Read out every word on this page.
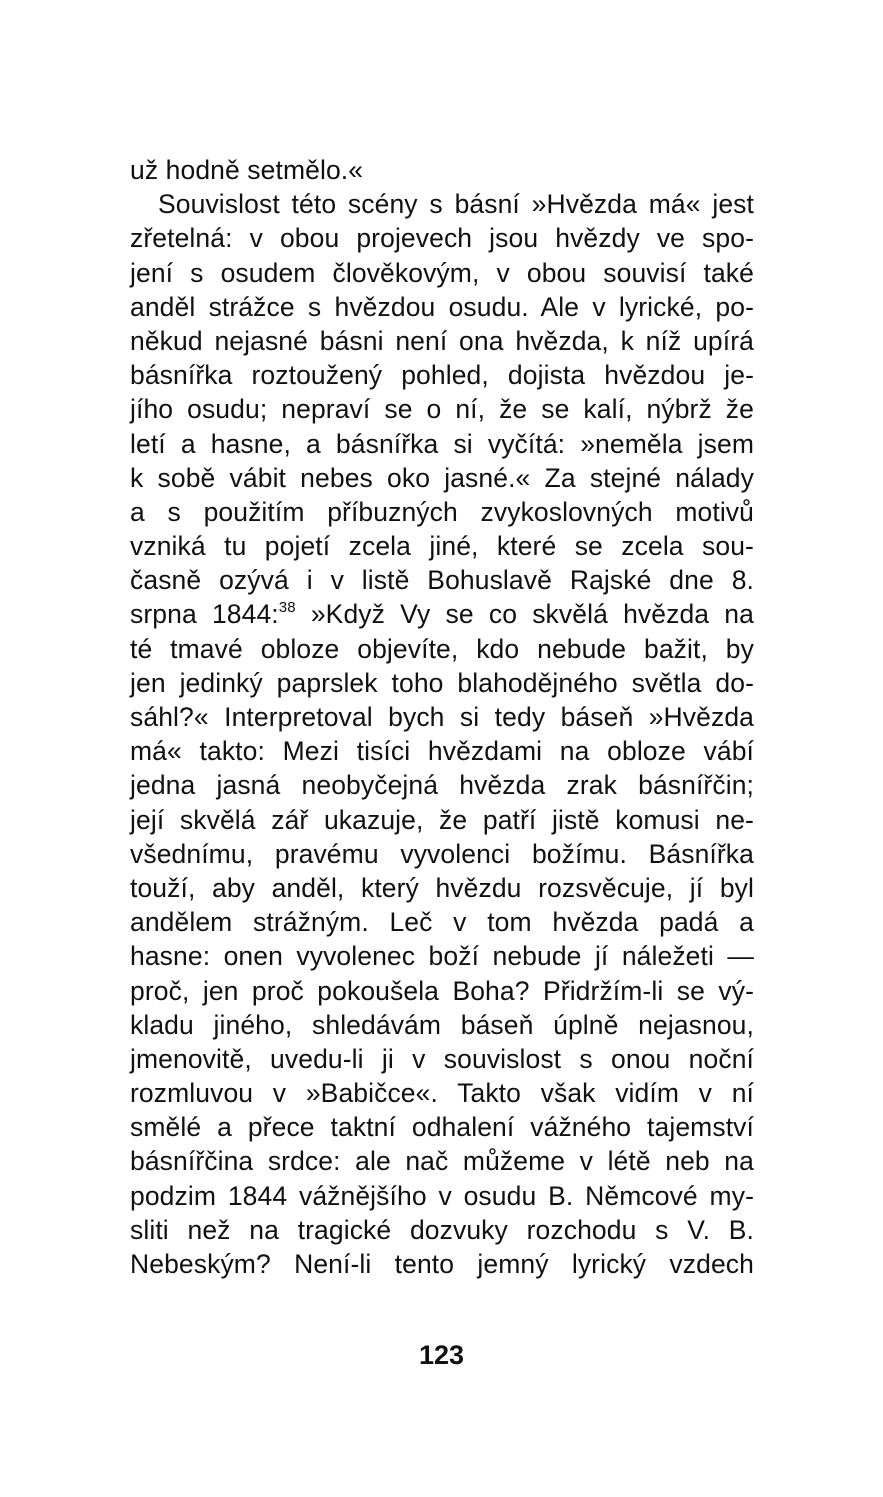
už hodně setmělo.«
Souvislost této scény s básní »Hvězda má« jest
zřetelná: v obou projevech jsou hvězdy ve spo-
jení s osudem člověkovým, v obou souvisí také
anděl strážce s hvězdou osudu. Ale v lyrické, po-
někud nejasné básni není ona hvězda, k níž upírá
básnířka roztoužený pohled, dojista hvězdou je-
jího osudu; nepraví se o ní, že se kalí, nýbrž že
letí a hasne, a básnířka si vyčítá: »neměla jsem
k sobě vábit nebes oko jasné.« Za stejné nálady
a s použitím příbuzných zvykoslovných motivů
vzniká tu pojetí zcela jiné, které se zcela sou-
časně ozývá i v listě Bohuslavě Rajské dne 8.
srpna 1844:$^{38}$ »Když Vy se co skvělá hvězda na
té tmavé obloze objevíte, kdo nebude bažit, by
jen jedinký paprslek toho blahodějného světla do-
sáhl?« Interpretoval bych si tedy báseň »Hvězda
má« takto: Mezi tisíci hvězdami na obloze vábí
jedna jasná neobyčejná hvězda zrak básnířčin;
její skvělá zář ukazuje, že patří jistě komusi ne-
všednímu, pravému vyvolenci božímu. Básnířka
touží, aby anděl, který hvězdu rozsvěcuje, jí byl
andělem strážným. Leč v tom hvězda padá a
hasne: onen vyvolenec boží nebude jí náležeti —
proč, jen proč pokoušela Boha? Přidržím-li se vý-
kladu jiného, shledávám báseň úplně nejasnou,
jmenovitě, uvedu-li ji v souvislost s onou noční
rozmluvou v »Babičce«. Takto však vidím v ní
smělé a přece taktní odhalení vážného tajemství
básnířčina srdce: ale nač můžeme v létě neb na
podzim 1844 vážnějšího v osudu B. Němcové my-
sliti než na tragické dozvuky rozchodu s V. B.
Nebeským? Není-li tento jemný lyrický vzdech
123
